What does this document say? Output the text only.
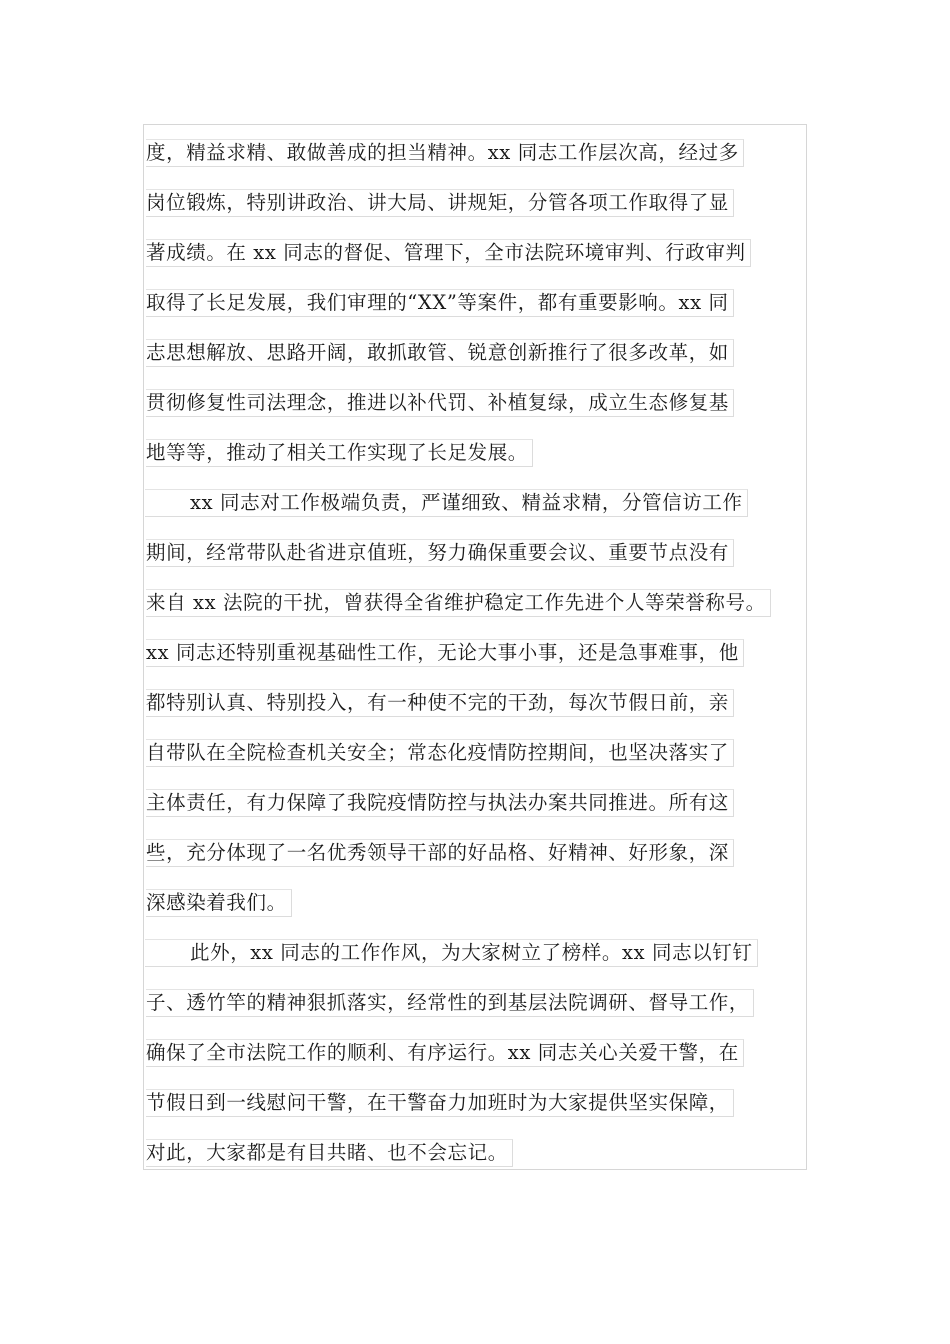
度，精益求精、敢做善成的担当精神。xx 同志工作层次高，经过多
岗位锻炼，特别讲政治、讲大局、讲规矩，分管各项工作取得了显
著成绩。在 xx 同志的督促、管理下，全市法院环境审判、行政审判
取得了长足发展，我们审理的“XX”等案件，都有重要影响。xx 同
志思想解放、思路开阔，敢抓敢管、锐意创新推行了很多改革，如
贯彻修复性司法理念，推进以补代罚、补植复绿，成立生态修复基
地等等，推动了相关工作实现了长足发展。
xx 同志对工作极端负责，严谨细致、精益求精，分管信访工作
期间，经常带队赴省进京值班，努力确保重要会议、重要节点没有
来自 xx 法院的干扰，曾获得全省维护稳定工作先进个人等荣誉称号。
xx 同志还特别重视基础性工作，无论大事小事，还是急事难事，他
都特别认真、特别投入，有一种使不完的干劲，每次节假日前，亲
自带队在全院检查机关安全；常态化疫情防控期间，也坚决落实了
主体责任，有力保障了我院疫情防控与执法办案共同推进。所有这
些，充分体现了一名优秀领导干部的好品格、好精神、好形象，深
深感染着我们。
此外，xx 同志的工作作风，为大家树立了榜样。xx 同志以钉钉
子、透竹竿的精神狠抓落实，经常性的到基层法院调研、督导工作，
确保了全市法院工作的顺利、有序运行。xx 同志关心关爱干警，在
节假日到一线慰问干警，在干警奋力加班时为大家提供坚实保障，
对此，大家都是有目共睹、也不会忘记。
